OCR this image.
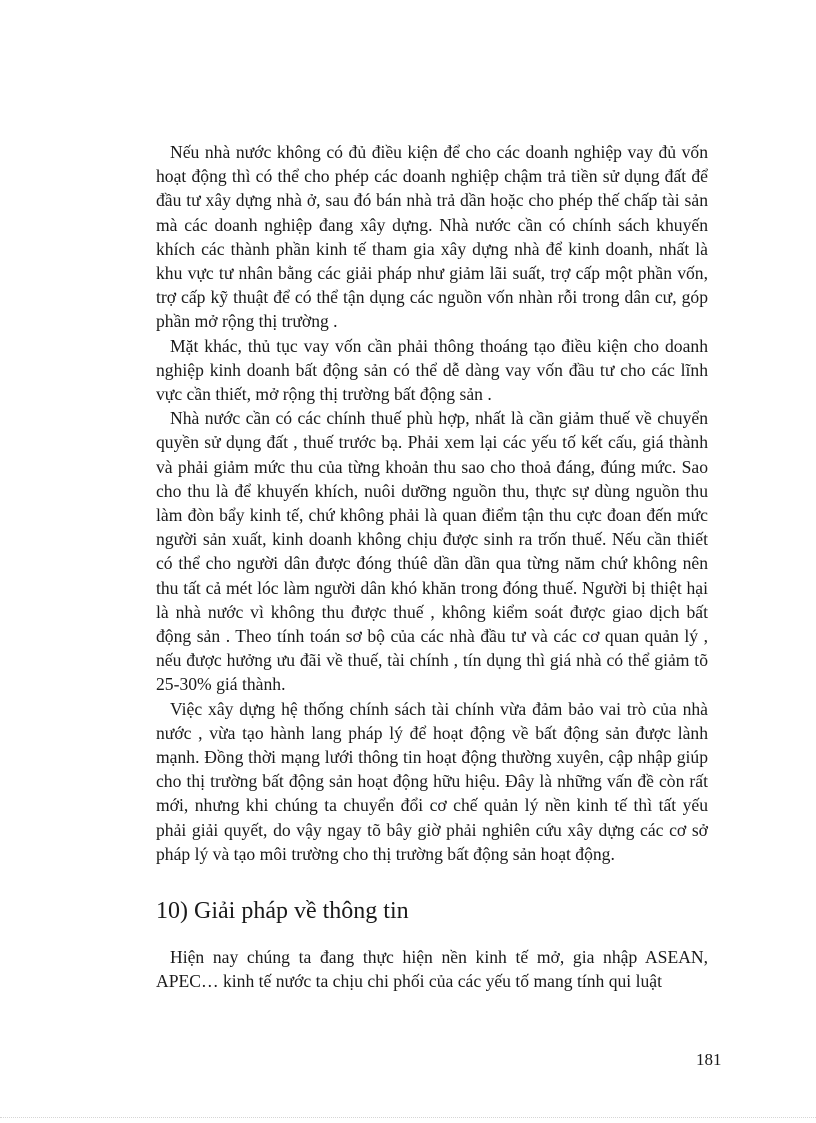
Nếu nhà nước không có đủ điều kiện để cho các doanh nghiệp vay đủ vốn hoạt động thì có thể cho phép các doanh nghiệp chậm trả tiền sử dụng đất để đầu tư xây dựng nhà ở, sau đó bán nhà trả dần hoặc cho phép thế chấp tài sản mà các doanh nghiệp đang xây dựng. Nhà nước cần có chính sách khuyến khích các thành phần kinh tế tham gia xây dựng nhà để kinh doanh, nhất là khu vực tư nhân bằng các giải pháp như giảm lãi suất, trợ cấp một phần vốn, trợ cấp kỹ thuật để có thể tận dụng các nguồn vốn nhàn rỗi trong dân cư, góp phần mở rộng thị trường .

Mặt khác, thủ tục vay vốn cần phải thông thoáng tạo điều kiện cho doanh nghiệp kinh doanh bất động sản có thể dễ dàng vay vốn đầu tư cho các lĩnh vực cần thiết, mở rộng thị trường bất động sản .

Nhà nước cần có các chính thuế phù hợp, nhất là cần giảm thuế về chuyển quyền sử dụng đất , thuế trước bạ. Phải xem lại các yếu tố kết cấu, giá thành và phải giảm mức thu của từng khoản thu sao cho thoả đáng, đúng mức. Sao cho thu là để khuyến khích, nuôi dưỡng nguồn thu, thực sự dùng nguồn thu làm đòn bẩy kinh tế, chứ không phải là quan điểm tận thu cực đoan đến mức người sản xuất, kinh doanh không chịu được sinh ra trốn thuế. Nếu cần thiết có thể cho người dân được đóng thúê dần dần qua từng năm chứ không nên thu tất cả mét lóc làm người dân khó khăn trong đóng thuế. Người bị thiệt hại là nhà nước vì không thu được thuế , không kiểm soát được giao dịch bất động sản . Theo tính toán sơ bộ của các nhà đầu tư và các cơ quan quản lý , nếu được hưởng ưu đãi về thuế, tài chính , tín dụng thì giá nhà có thể giảm tõ 25-30% giá thành.

Việc xây dựng hệ thống chính sách tài chính vừa đảm bảo vai trò của nhà nước , vừa tạo hành lang pháp lý để hoạt động về bất động sản được lành mạnh. Đồng thời mạng lưới thông tin hoạt động thường xuyên, cập nhập giúp cho thị trường bất động sản hoạt động hữu hiệu. Đây là những vấn đề còn rất mới, nhưng khi chúng ta chuyển đổi cơ chế quản lý nền kinh tế thì tất yếu phải giải quyết, do vậy ngay tõ bây giờ phải nghiên cứu xây dựng các cơ sở pháp lý và tạo môi trường cho thị trường bất động sản hoạt động.

10) Giải pháp về thông tin

Hiện nay chúng ta đang thực hiện nền kinh tế mở, gia nhập ASEAN, APEC… kinh tế nước ta chịu chi phối của các yếu tố mang tính qui luật

181
